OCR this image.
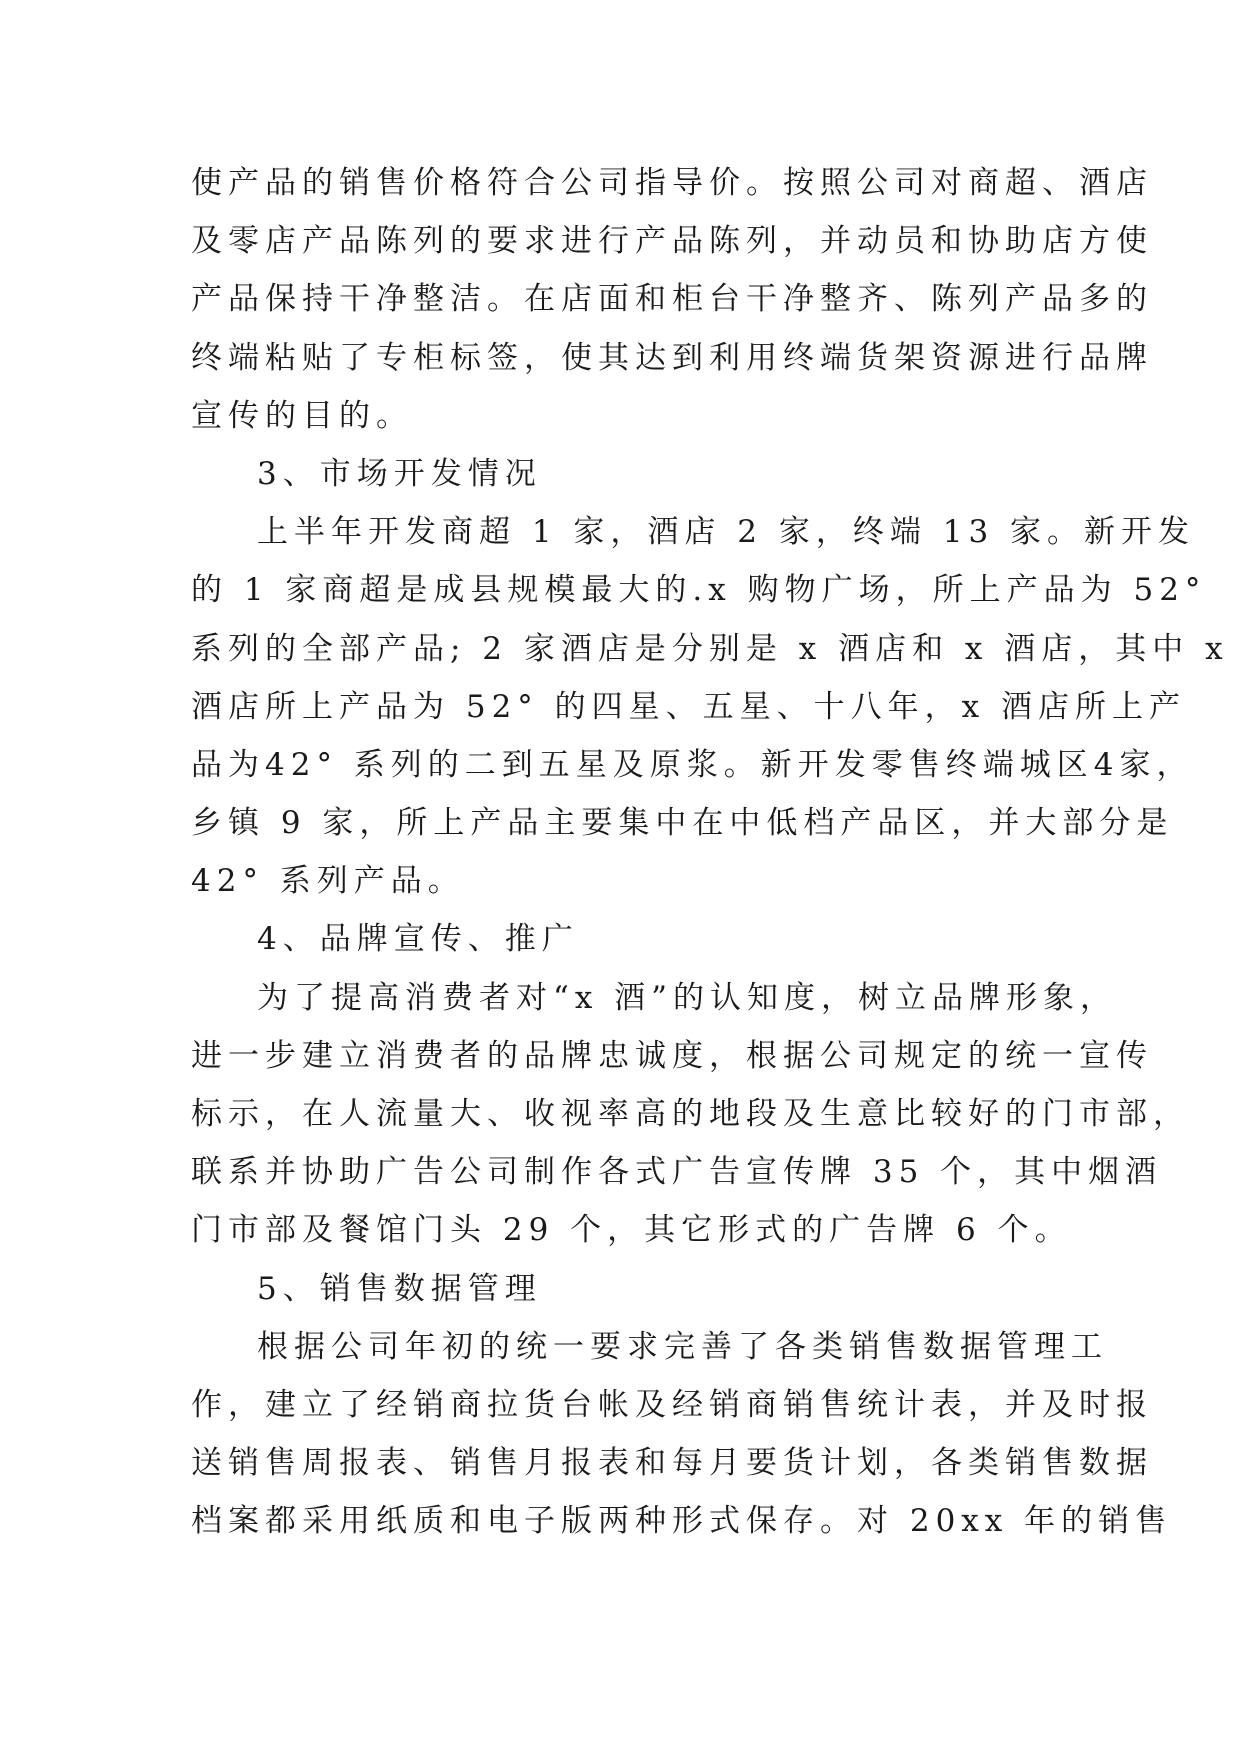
使产品的销售价格符合公司指导价。按照公司对商超、酒店
及零店产品陈列的要求进行产品陈列，并动员和协助店方使
产品保持干净整洁。在店面和柜台干净整齐、陈列产品多的
终端粘贴了专柜标签，使其达到利用终端货架资源进行品牌
宣传的目的。
3、市场开发情况
上半年开发商超 1 家，酒店 2 家，终端 13 家。新开发
的 1 家商超是成县规模最大的.x 购物广场，所上产品为 52°
系列的全部产品; 2 家酒店是分别是 x 酒店和 x 酒店，其中 x
酒店所上产品为 52° 的四星、五星、十八年，x 酒店所上产
品为42° 系列的二到五星及原浆。新开发零售终端城区4家，
乡镇 9 家，所上产品主要集中在中低档产品区，并大部分是
42° 系列产品。
4、品牌宣传、推广
为了提高消费者对“x 酒”的认知度，树立品牌形象，
进一步建立消费者的品牌忠诚度，根据公司规定的统一宣传
标示，在人流量大、收视率高的地段及生意比较好的门市部，
联系并协助广告公司制作各式广告宣传牌 35 个，其中烟酒
门市部及餐馆门头 29 个，其它形式的广告牌 6 个。
5、销售数据管理
根据公司年初的统一要求完善了各类销售数据管理工
作，建立了经销商拉货台帐及经销商销售统计表，并及时报
送销售周报表、销售月报表和每月要货计划，各类销售数据
档案都采用纸质和电子版两种形式保存。对 20xx 年的销售
